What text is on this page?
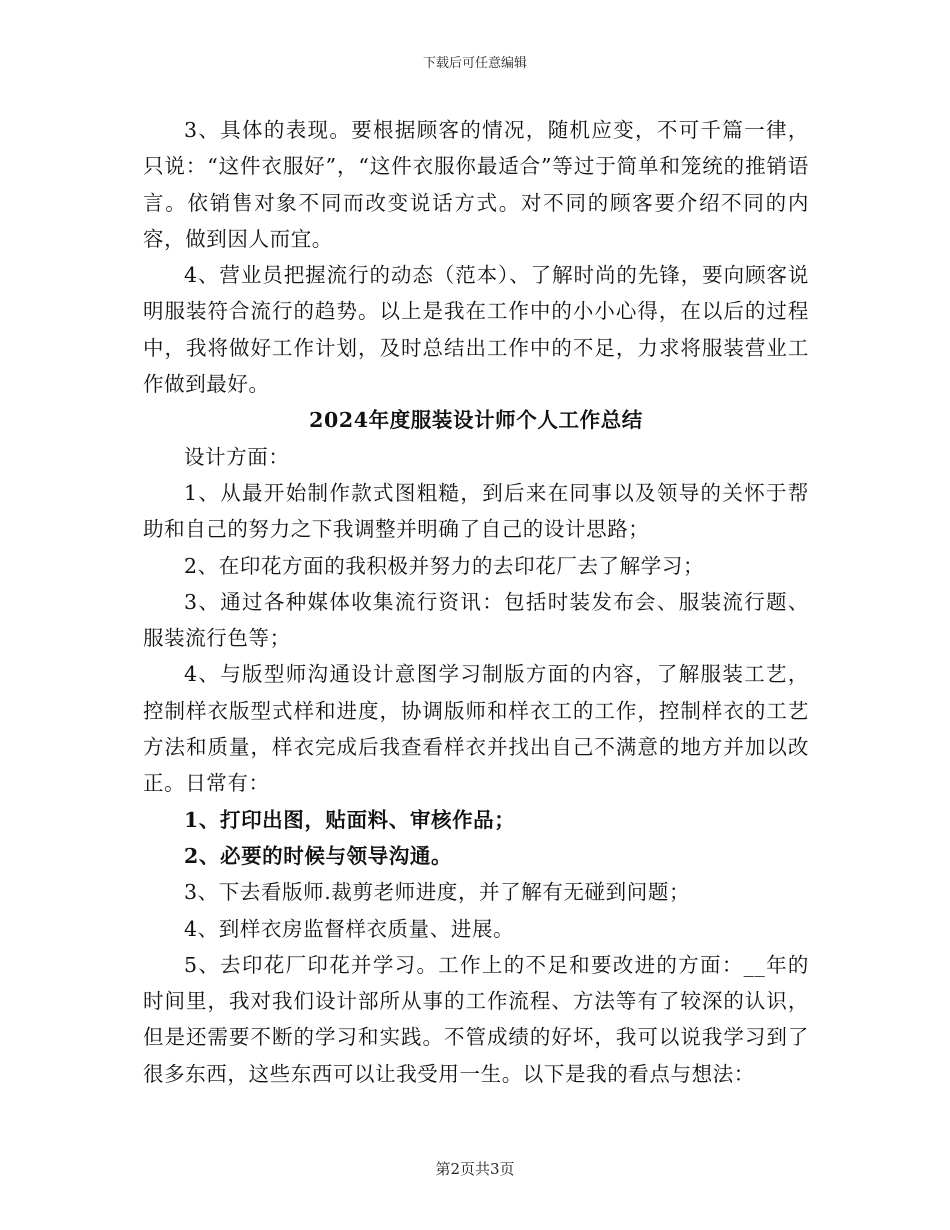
下载后可任意编辑

3、具体的表现。要根据顾客的情况，随机应变，不可千篇一律，只说：“这件衣服好”，“这件衣服你最适合”等过于简单和笼统的推销语言。依销售对象不同而改变说话方式。对不同的顾客要介绍不同的内容，做到因人而宜。

4、营业员把握流行的动态（范本）、了解时尚的先锋，要向顾客说明服装符合流行的趋势。以上是我在工作中的小小心得，在以后的过程中，我将做好工作计划，及时总结出工作中的不足，力求将服装营业工作做到最好。

2024年度服装设计师个人工作总结

设计方面：

1、从最开始制作款式图粗糙，到后来在同事以及领导的关怀于帮助和自己的努力之下我调整并明确了自己的设计思路；

2、在印花方面的我积极并努力的去印花厂去了解学习；

3、通过各种媒体收集流行资讯：包括时装发布会、服装流行题、服装流行色等；

4、与版型师沟通设计意图学习制版方面的内容，了解服装工艺，控制样衣版型式样和进度，协调版师和样衣工的工作，控制样衣的工艺方法和质量，样衣完成后我查看样衣并找出自己不满意的地方并加以改正。日常有：

1、打印出图，贴面料、审核作品；

2、必要的时候与领导沟通。

3、下去看版师.裁剪老师进度，并了解有无碰到问题；

4、到样衣房监督样衣质量、进展。

5、去印花厂印花并学习。工作上的不足和要改进的方面：__年的时间里，我对我们设计部所从事的工作流程、方法等有了较深的认识，但是还需要不断的学习和实践。不管成绩的好坏，我可以说我学习到了很多东西，这些东西可以让我受用一生。以下是我的看点与想法：

第2页共3页
